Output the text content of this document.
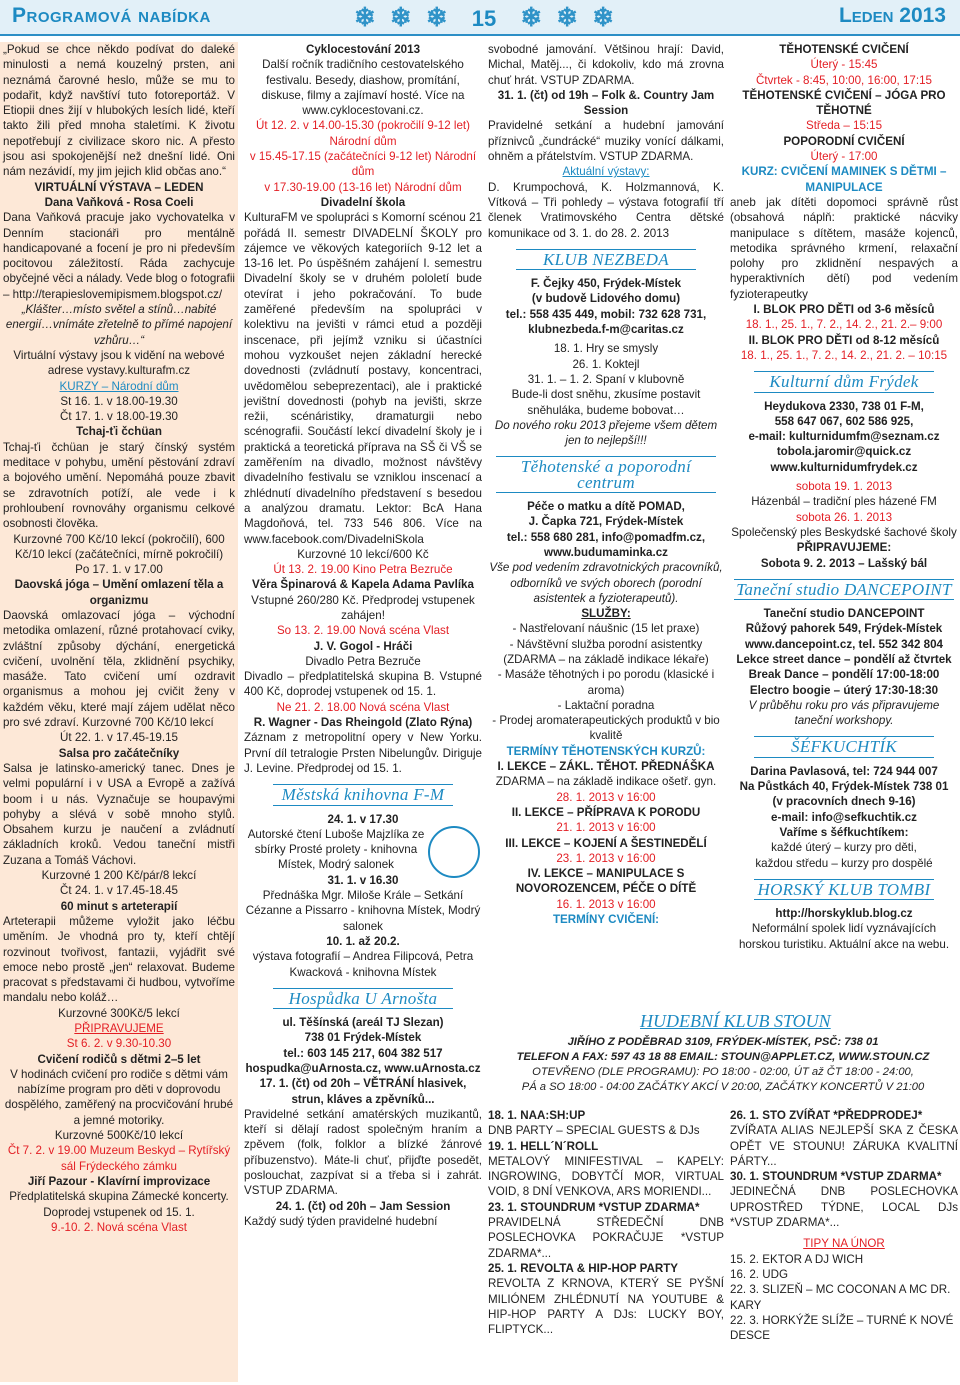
Programová nabídka	❄ ❄ ❄ 15 ❄ ❄ ❄	Leden 2013

„Pokud se chce někdo podívat do daleké minulosti a nemá kouzelný prsten, ani neznámá čarovné heslo, může se mu to podařit, když navštíví tuto fotoreportáž. V Etiopii dnes žijí v hlubokých lesích lidé, kteří takto žili před mnoha staletími. K životu nepotřebují z civilizace skoro nic. A přesto jsou asi spokojenější než dnešní lidé. Oni nám nezávidí, my jim jejich klid občas ano.“

VIRTUÁLNÍ VÝSTAVA – LEDEN

Dana Vaňková - Rosa Coeli

Dana Vaňková pracuje jako vychovatelka v Denním stacionáři pro mentálně handicapované a focení je pro ni především pocitovou záležitostí. Ráda zachycuje obyčejné věci a nálady. Vede blog o fotografii – http://terapieslovemipismem.blogspot.cz/

„Klášter…místo světel a stínů…nabité energií…vnímáte zřetelně to přímé napojení vzhůru…“

Virtuální výstavy jsou k vidění na webové adrese vystavy.kulturafm.cz

KURZY – Národní dům

St 16. 1. v 18.00-19.30

Čt 17. 1. v 18.00-19.30

Tchaj-ťi čchüan

Tchaj-ťi čchüan je starý čínský systém meditace v pohybu, umění pěstování zdraví a bojového umění. Nepomáhá pouze zbavit se zdravotních potíží, ale vede i k prohloubení rovnováhy organismu celkové osobnosti člověka.

Kurzovné 700 Kč/10 lekcí (pokročilí), 600 Kč/10 lekcí (začátečníci, mírně pokročilí)

Po 17. 1. v 17.00

Daovská jóga – Umění omlazení těla a organizmu

Daovská omlazovací jóga – východní metodika omlazení, různé protahovací cviky, zvláštní způsoby dýchání, energetická cvičení, uvolnění těla, zklidnění psychiky, masáže. Tato cvičení umí ozdravit organismus a mohou jej cvičit ženy v každém věku, které mají zájem udělat něco pro své zdraví. Kurzovné 700 Kč/10 lekcí

Út 22. 1. v 17.45-19.15

Salsa pro začátečníky

Salsa je latinsko-americký tanec. Dnes je velmi populární i v USA a Evropě a zažívá boom i u nás. Vyznačuje se houpavými pohyby a slévá v sobě mnoho stylů. Obsahem kurzu je naučení a zvládnutí základních kroků. Vedou taneční mistři Zuzana a Tomáš Váchovi.

Kurzovné 1 200 Kč/pár/8 lekcí

Čt 24. 1. v 17.45-18.45

60 minut s arteterapií

Arteterapii můžeme vyložit jako léčbu uměním. Je vhodná pro ty, kteří chtějí rozvinout tvořivost, fantazii, vyjádřit své emoce nebo prostě „jen“ relaxovat. Budeme pracovat s představami či hudbou, vytvoříme mandalu nebo koláž…

Kurzovné 300Kč/5 lekcí

PŘIPRAVUJEME

St 6. 2. v 9.30-10.30

Cvičení rodičů s dětmi 2–5 let

V hodinách cvičení pro rodiče s dětmi vám nabízíme program pro děti v doprovodu dospělého, zaměřený na procvičování hrubé a jemné motoriky.

Kurzovné 500Kč/10 lekcí

Čt 7. 2. v 19.00 Muzeum Beskyd – Rytířský sál Frýdeckého zámku

Jiří Pazour - Klavírní improvizace

Předplatitelská skupina Zámecké koncerty. Doprodej vstupenek od 15. 1.

9.-10. 2. Nová scéna Vlast

Cyklocestování 2013

Další ročník tradičního cestovatelského festivalu. Besedy, diashow, promítání, diskuse, filmy a zajímaví hosté. Více na www.cyklocestovani.cz.

Út 12. 2. v 14.00-15.30 (pokročilí 9-12 let) Národní dům

v 15.45-17.15 (začátečníci 9-12 let) Národní dům

v 17.30-19.00 (13-16 let) Národní dům

Divadelní škola

KulturaFM ve spolupráci s Komorní scénou 21 pořádá II. semestr DIVADELNÍ ŠKOLY pro zájemce ve věkových kategoriích 9-12 let a 13-16 let. Po úspěšném zahájení I. semestru Divadelní školy se v druhém pololetí bude otevírat i jeho pokračování. To bude zaměřené především na spolupráci v kolektivu na jevišti v rámci etud a později inscenace, při jejímž vzniku si účastníci mohou vyzkoušet nejen základní herecké dovednosti (zvládnutí postavy, koncentraci, uvědomělou sebeprezentaci), ale i praktické jevištní dovednosti (pohyb na jevišti, skrze režii, scénáristiky, dramaturgii nebo scénografii. Součástí lekcí divadelní školy je i praktická a teoretická příprava na SŠ či VŠ se zaměřením na divadlo, možnost návštěvy divadelního festivalu se vzniklou inscenací a zhlédnutí divadelního představení s besedou a analýzou dramatu. Lektor: BcA Hana Magdoňová, tel. 733 546 806. Více na www.facebook.com/DivadelniSkola

Kurzovné 10 lekcí/600 Kč

Út 13. 2. 19.00 Kino Petra Bezruče

Věra Špinarová & Kapela Adama Pavlíka

Vstupné 260/280 Kč. Předprodej vstupenek zahájen!

So 13. 2. 19.00 Nová scéna Vlast

J. V. Gogol - Hráči

Divadlo Petra Bezruče

Divadlo – předplatitelská skupina B. Vstupné 400 Kč, doprodej vstupenek od 15. 1.

Ne 21. 2. 18.00 Nová scéna Vlast

R. Wagner - Das Rheingold (Zlato Rýna)

Záznam z metropolitní opery v New Yorku. První díl tetralogie Prsten Nibelungův. Diriguje J. Levine. Předprodej od 15. 1.

Městská knihovna F-M

24. 1. v 17.30

Autorské čtení Luboše Majzlíka ze sbírky Prosté prolety - knihovna Místek, Modrý salonek

31. 1. v 16.30

Přednáška Mgr. Miloše Krále – Setkání Cézanne a Pissarro - knihovna Místek, Modrý salonek

10. 1. až 20.2.

výstava fotografií – Andrea Filipcová, Petra Kwacková - knihovna Místek

Hospůdka U Arnošta

ul. Těšínská (areál TJ Slezan)

738 01 Frýdek-Místek

tel.: 603 145 217, 604 382 517

hospudka@uArnosta.cz, www.uArnosta.cz

17. 1. (čt) od 20h – VĚTRÁNÍ hlasivek, strun, kláves a zpěvníků...

Pravidelné setkání amatérských muzikantů, kteří si dělají radost společným hraním a zpěvem (folk, folklor a blízké žánrové příbuzenstvo). Máte-li chuť, přijďte posedět, poslouchat, zazpívat si a třeba si i zahrát. VSTUP ZDARMA.

24. 1. (čt) od 20h – Jam Session

Každý sudý týden pravidelné hudební

svobodné jamování. Většinou hrají: David, Michal, Matěj..., či kdokoliv, kdo má zrovna chuť hrát. VSTUP ZDARMA.

31. 1. (čt) od 19h – Folk &. Country Jam Session

Pravidelné setkání a hudební jamování příznivců „čundrácké“ muziky vonící dálkami, ohněm a přátelstvím. VSTUP ZDARMA.

Aktuální výstavy:

D. Krumpochová, K. Holzmannová, K. Vítková – Tři pohledy – výstava fotografií tří členek Vratimovského Centra dětské komunikace od 3. 1. do 28. 2. 2013

KLUB NEZBEDA

F. Čejky 450, Frýdek-Místek

(v budově Lidového domu)

tel.: 558 435 449, mobil: 732 628 731,

klubnezbeda.f-m@caritas.cz

18. 1. Hry se smysly

26. 1. Koktejl

31. 1. – 1. 2. Spaní v klubovně

Bude-li dost sněhu, zkusíme postavit sněhuláka, budeme bobovat…

Do nového roku 2013 přejeme všem dětem jen to nejlepší!!!

Těhotenské a poporodní centrum

Péče o matku a dítě POMAD,

J. Čapka 721, Frýdek-Místek

tel.: 558 680 281, info@pomadfm.cz,

www.budumaminka.cz

Vše pod vedením zdravotnických pracovníků, odborníků ve svých oborech (porodní asistentek a fyzioterapeutů).

SLUŽBY:

- Nastřelovaní náušnic (15 let praxe)

- Návštěvní služba porodní asistentky (ZDARMA – na základě indikace lékaře)

- Masáže těhotných i po porodu (klasické i aroma)

- Laktační poradna

- Prodej aromaterapeutických produktů v bio kvalitě

TERMÍNY TĚHOTENSKÝCH KURZŮ:

I. LEKCE – ZÁKL. TĚHOT. PŘEDNÁŠKA

ZDARMA – na základě indikace ošetř. gyn.

28. 1. 2013 v 16:00

II. LEKCE – PŘÍPRAVA K PORODU

21. 1. 2013 v 16:00

III. LEKCE – KOJENÍ A ŠESTINEDĚLÍ

23. 1. 2013 v 16:00

IV. LEKCE – MANIPULACE S NOVOROZENCEM, PÉČE O DÍTĚ

16. 1. 2013 v 16:00

TERMÍNY CVIČENÍ:

TĚHOTENSKÉ CVIČENÍ

Úterý - 15:45

Čtvrtek - 8:45, 10:00, 16:00, 17:15

TĚHOTENSKÉ CVIČENÍ – JÓGA PRO TĚHOTNÉ

Středa – 15:15

POPORODNÍ CVIČENÍ

Úterý - 17:00

KURZ: CVIČENÍ MAMINEK S DĚTMI – MANIPULACE

aneb jak dítěti dopomoci správně růst (obsahová náplň: praktické nácviky manipulace s dítětem, masáže kojenců, metodika správného krmení, relaxační polohy pro zklidnění nespavých a hyperaktivních dětí) pod vedením fyzioterapeutky

I. BLOK PRO DĚTI od 3-6 měsíců

18. 1., 25. 1., 7. 2., 14. 2., 21. 2.– 9:00

II. BLOK PRO DĚTI od 8-12 měsíců

18. 1., 25. 1., 7. 2., 14. 2., 21. 2. – 10:15

Kulturní dům Frýdek

Heydukova 2330, 738 01 F-M,

558 647 067, 602 586 925,

e-mail: kulturnidumfm@seznam.cz

tobola.jaromir@quick.cz

www.kulturnidumfrydek.cz

sobota 19. 1. 2013

Házenbál – tradiční ples házené FM

sobota 26. 1. 2013

Společenský ples Beskydské šachové školy

PŘIPRAVUJEME:

Sobota 9. 2. 2013 – Lašský bál

Taneční studio DANCEPOINT

Taneční studio DANCEPOINT

Růžový pahorek 549, Frýdek-Místek

www.dancepoint.cz, tel. 552 342 804

Lekce street dance – pondělí až čtvrtek

Break Dance – pondělí 17:00-18:00

Electro boogie – úterý 17:30-18:30

V průběhu roku pro vás připravujeme taneční workshopy.

ŠÉFKUCHTÍK

Darina Pavlasová, tel: 724 944 007

Na Půstkách 40, Frýdek-Místek 738 01

(v pracovních dnech 9-16)

e-mail: info@sefkuchtik.cz

Vaříme s šéfkuchtíkem:

každé úterý – kurzy pro děti,

každou středu – kurzy pro dospělé

HORSKÝ KLUB TOMBI

http://horskyklub.blog.cz

Neformální spolek lidí vyznávajících horskou turistiku. Aktuální akce na webu.

HUDEBNÍ KLUB STOUN

JIŘÍHO Z PODĚBRAD 3109, FRÝDEK-MÍSTEK, PSČ: 738 01

TELEFON A FAX: 597 43 18 88 EMAIL: STOUN@APPLET.CZ, WWW.STOUN.CZ

OTEVŘENO (DLE PROGRAMU): PO 18:00 - 02:00, ÚT až ČT 18:00 - 24:00,

PÁ a SO 18:00 - 04:00 ZAČÁTKY AKCÍ V 20:00, ZAČÁTKY KONCERTŮ V 21:00

18. 1. NAA:SH:UP

DNB PARTY – SPECIAL GUESTS & DJs

19. 1. HELL´N´ROLL

METALOVÝ MINIFESTIVAL – KAPELY: INGROWING, DOBYTČÍ MOR, VIRTUAL VOID, 8 DNÍ VENKOVA, ARS MORIENDI...

23. 1. STOUNDRUM *VSTUP ZDARMA*

PRAVIDELNÁ STŘEDEČNÍ DNB POSLECHOVKA POKRAČUJE *VSTUP ZDARMA*...

25. 1. REVOLTA & HIP-HOP PARTY

REVOLTA Z KRNOVA, KTERÝ SE PYŠNÍ MILIÓNEM ZHLÉDNUTÍ NA YOUTUBE & HIP-HOP PARTY A DJs: LUCKY BOY, FLIPTYCK...

26. 1. STO ZVÍŘAT *PŘEDPRODEJ*

ZVÍŘATA ALIAS NEJLEPŠÍ SKA Z ČESKA OPĚT VE STOUNU! ZÁRUKA KVALITNÍ PÁRTY...

30. 1. STOUNDRUM *VSTUP ZDARMA*

JEDINEČNÁ DNB POSLECHOVKA UPROSTŘED TÝDNE, LOCAL DJs *VSTUP ZDARMA*...

TIPY NA ÚNOR

15. 2. EKTOR A DJ WICH

16. 2. UDG

22. 3. SLIZEŇ – MC COCONAN A MC DR. KARY

22. 3. HORKÝŽE SLÍŽE – TURNÉ K NOVÉ DESCE
